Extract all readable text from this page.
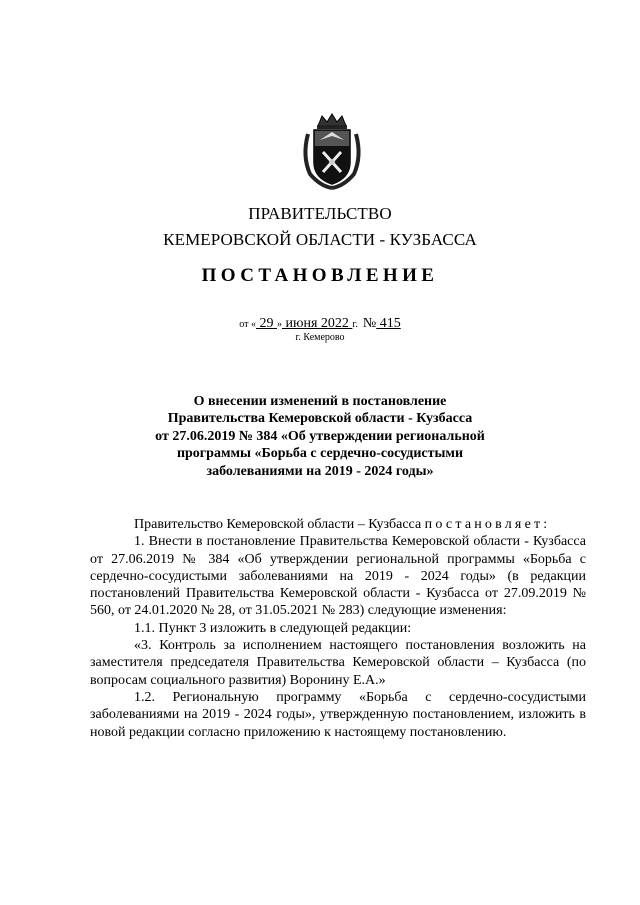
ПРАВИТЕЛЬСТВО
КЕМЕРОВСКОЙ ОБЛАСТИ - КУЗБАССА
ПОСТАНОВЛЕНИЕ
от « 29 » июня 2022 г. № 415
г. Кемерово
О внесении изменений в постановление
Правительства Кемеровской области - Кузбасса
от 27.06.2019 № 384 «Об утверждении региональной
программы «Борьба с сердечно-сосудистыми
заболеваниями на 2019 - 2024 годы»

Правительство Кемеровской области – Кузбасса постановляет:

1. Внести в постановление Правительства Кемеровской области - Кузбасса от 27.06.2019 № 384 «Об утверждении региональной программы «Борьба с сердечно-сосудистыми заболеваниями на 2019 - 2024 годы» (в редакции постановлений Правительства Кемеровской области - Кузбасса от 27.09.2019 № 560, от 24.01.2020 № 28, от 31.05.2021 № 283) следующие изменения:

1.1. Пункт 3 изложить в следующей редакции:

«3. Контроль за исполнением настоящего постановления возложить на заместителя председателя Правительства Кемеровской области – Кузбасса (по вопросам социального развития) Воронину Е.А.»

1.2. Региональную программу «Борьба с сердечно-сосудистыми заболеваниями на 2019 - 2024 годы», утвержденную постановлением, изложить в новой редакции согласно приложению к настоящему постановлению.
